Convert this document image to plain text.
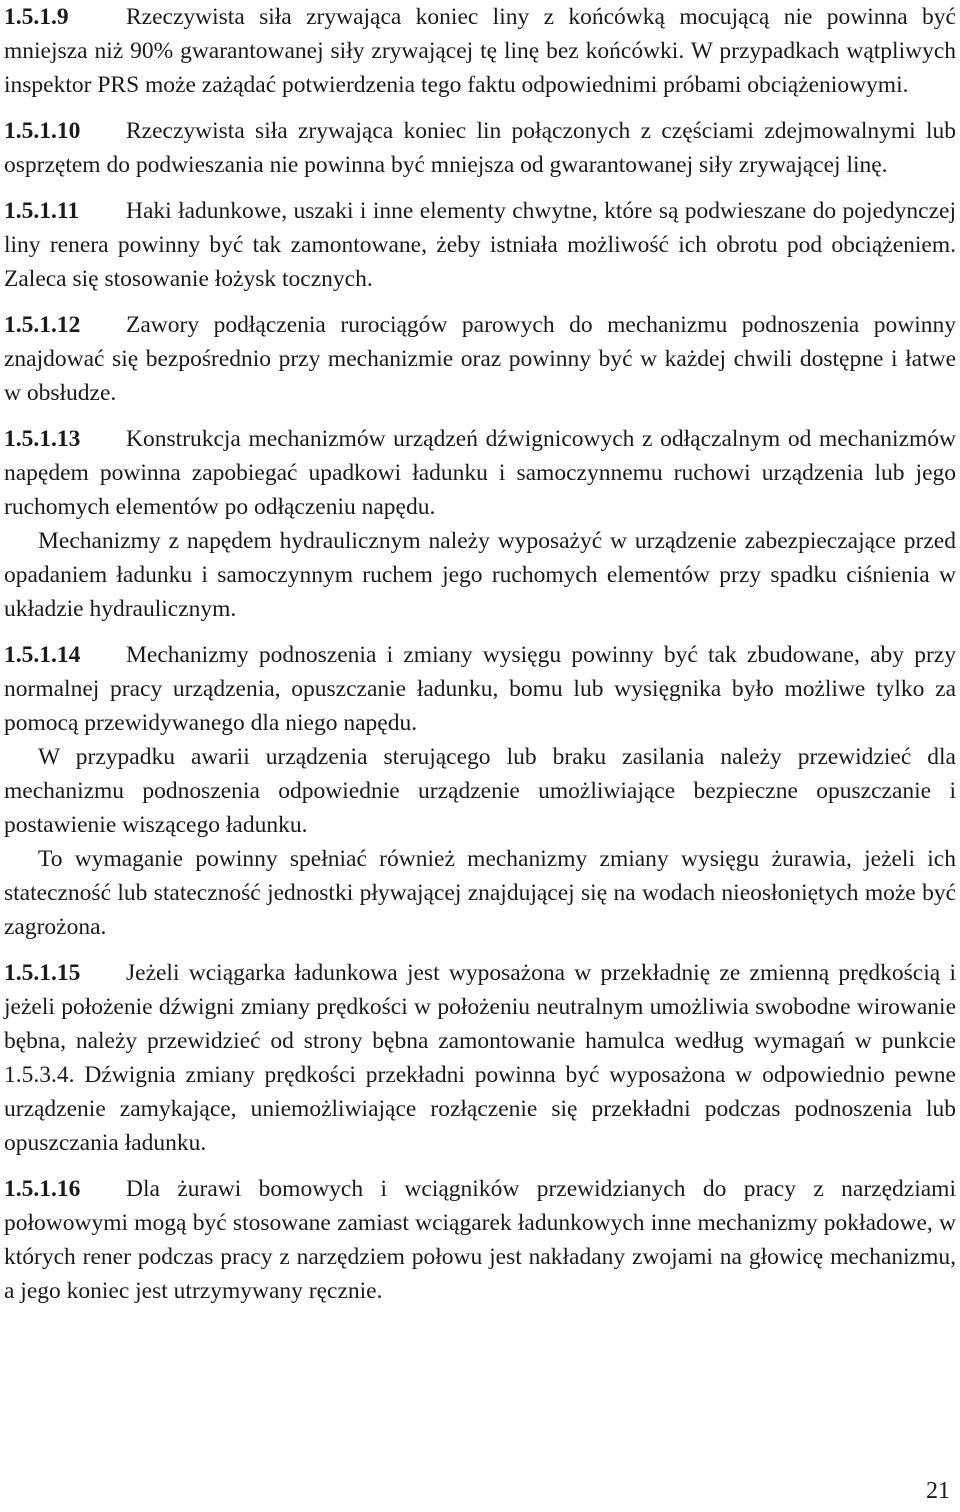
1.5.1.9 Rzeczywista siła zrywająca koniec liny z końcówką mocującą nie powinna być mniejsza niż 90% gwarantowanej siły zrywającej tę linę bez końcówki. W przypadkach wątpliwych inspektor PRS może zażądać potwierdzenia tego faktu odpowiednimi próbami obciążeniowymi.

1.5.1.10 Rzeczywista siła zrywająca koniec lin połączonych z częściami zdejmowalnymi lub osprzętem do podwieszania nie powinna być mniejsza od gwarantowanej siły zrywającej linę.

1.5.1.11 Haki ładunkowe, uszaki i inne elementy chwytne, które są podwieszane do pojedynczej liny renera powinny być tak zamontowane, żeby istniała możliwość ich obrotu pod obciążeniem. Zaleca się stosowanie łożysk tocznych.

1.5.1.12 Zawory podłączenia rurociągów parowych do mechanizmu podnoszenia powinny znajdować się bezpośrednio przy mechanizmie oraz powinny być w każdej chwili dostępne i łatwe w obsłudze.

1.5.1.13 Konstrukcja mechanizmów urządzeń dźwignicowych z odłączalnym od mechanizmów napędem powinna zapobiegać upadkowi ładunku i samoczynnemu ruchowi urządzenia lub jego ruchomych elementów po odłączeniu napędu.

Mechanizmy z napędem hydraulicznym należy wyposażyć w urządzenie zabezpieczające przed opadaniem ładunku i samoczynnym ruchem jego ruchomych elementów przy spadku ciśnienia w układzie hydraulicznym.

1.5.1.14 Mechanizmy podnoszenia i zmiany wysięgu powinny być tak zbudowane, aby przy normalnej pracy urządzenia, opuszczanie ładunku, bomu lub wysięgnika było możliwe tylko za pomocą przewidywanego dla niego napędu.

W przypadku awarii urządzenia sterującego lub braku zasilania należy przewidzieć dla mechanizmu podnoszenia odpowiednie urządzenie umożliwiające bezpieczne opuszczanie i postawienie wiszącego ładunku.

To wymaganie powinny spełniać również mechanizmy zmiany wysięgu żurawia, jeżeli ich stateczność lub stateczność jednostki pływającej znajdującej się na wodach nieosłoniętych może być zagrożona.

1.5.1.15 Jeżeli wciągarka ładunkowa jest wyposażona w przekładnię ze zmienną prędkością i jeżeli położenie dźwigni zmiany prędkości w położeniu neutralnym umożliwia swobodne wirowanie bębna, należy przewidzieć od strony bębna zamontowanie hamulca według wymagań w punkcie 1.5.3.4. Dźwignia zmiany prędkości przekładni powinna być wyposażona w odpowiednio pewne urządzenie zamykające, uniemożliwiające rozłączenie się przekładni podczas podnoszenia lub opuszczania ładunku.

1.5.1.16 Dla żurawi bomowych i wciągników przewidzianych do pracy z narzędziami połowowymi mogą być stosowane zamiast wciągarek ładunkowych inne mechanizmy pokładowe, w których rener podczas pracy z narzędziem połowu jest nakładany zwojami na głowicę mechanizmu, a jego koniec jest utrzymywany ręcznie.

21
